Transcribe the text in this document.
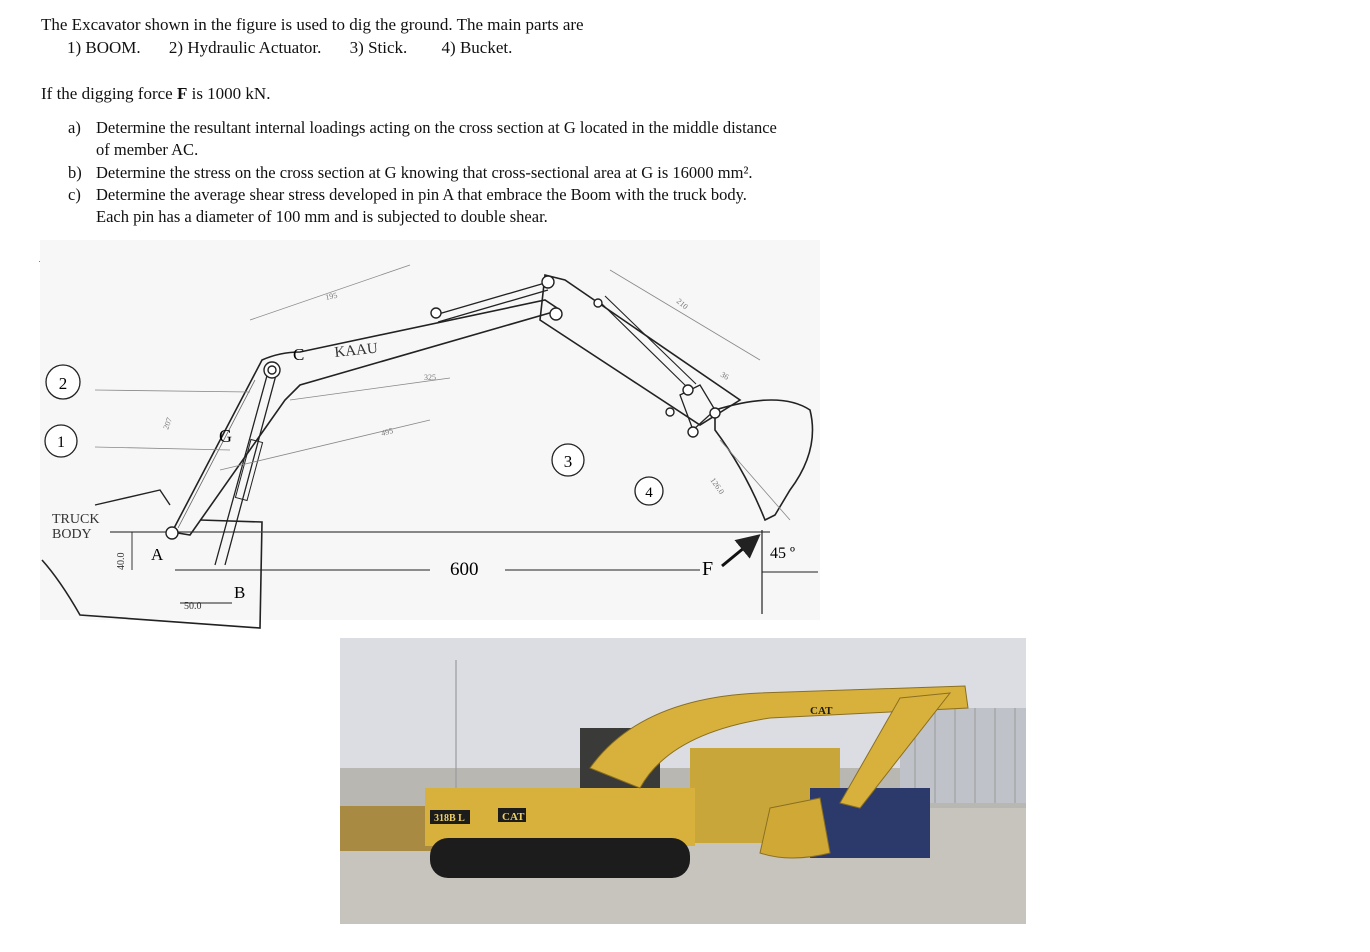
The Excavator shown in the figure is used to dig the ground. The main parts are
1) BOOM. 2) Hydraulic Actuator. 3) Stick. 4) Bucket.
If the digging force F is 1000 kN.
a) Determine the resultant internal loadings acting on the cross section at G located in the middle distance
of member AC.
b) Determine the stress on the cross section at G knowing that cross-sectional area at G is 16000 mm².
c) Determine the average shear stress developed in pin A that embrace the Boom with the truck body.
Each pin has a diameter of 100 mm and is subjected to double shear.
2
1
3
4
A
B
C
G
F
TRUCK
BODY
KAAU
600
50.0
40.0
195
325
495
207
210
126.0
36
45 º
318B L	CAT
CAT
